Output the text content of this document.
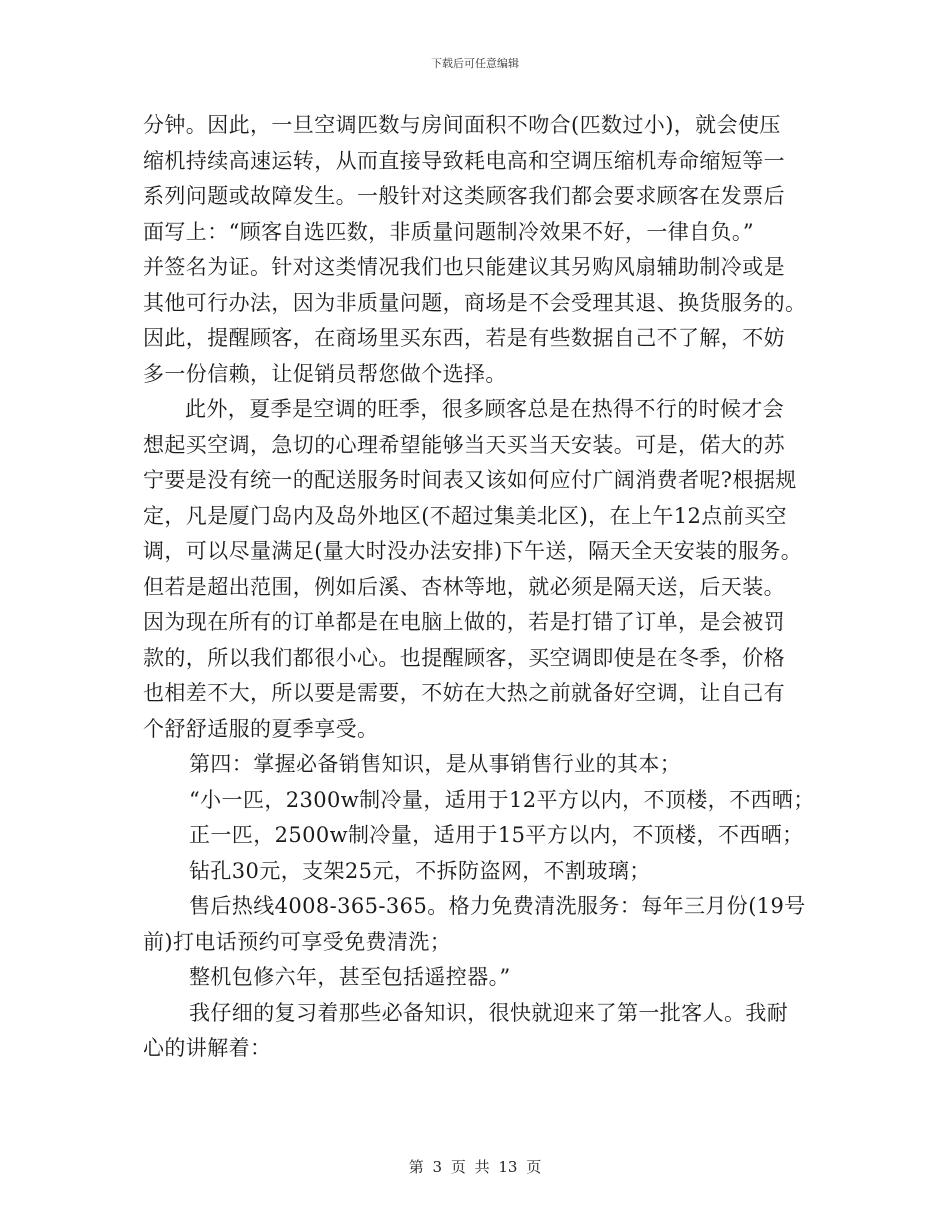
下载后可任意编辑
分钟。因此，一旦空调匹数与房间面积不吻合(匹数过小)，就会使压
缩机持续高速运转，从而直接导致耗电高和空调压缩机寿命缩短等一
系列问题或故障发生。一般针对这类顾客我们都会要求顾客在发票后
面写上：“顾客自选匹数，非质量问题制冷效果不好，一律自负。”
并签名为证。针对这类情况我们也只能建议其另购风扇辅助制冷或是
其他可行办法，因为非质量问题，商场是不会受理其退、换货服务的。
因此，提醒顾客，在商场里买东西，若是有些数据自己不了解，不妨
多一份信赖，让促销员帮您做个选择。
此外，夏季是空调的旺季，很多顾客总是在热得不行的时候才会
想起买空调，急切的心理希望能够当天买当天安装。可是，偌大的苏
宁要是没有统一的配送服务时间表又该如何应付广阔消费者呢?根据规
定，凡是厦门岛内及岛外地区(不超过集美北区)，在上午12点前买空
调，可以尽量满足(量大时没办法安排)下午送，隔天全天安装的服务。
但若是超出范围，例如后溪、杏林等地，就必须是隔天送，后天装。
因为现在所有的订单都是在电脑上做的，若是打错了订单，是会被罚
款的，所以我们都很小心。也提醒顾客，买空调即使是在冬季，价格
也相差不大，所以要是需要，不妨在大热之前就备好空调，让自己有
个舒舒适服的夏季享受。
第四：掌握必备销售知识，是从事销售行业的其本；
“小一匹，2300w制冷量，适用于12平方以内，不顶楼，不西晒；
正一匹，2500w制冷量，适用于15平方以内，不顶楼，不西晒；
钻孔30元，支架25元，不拆防盗网，不割玻璃；
售后热线4008-365-365。格力免费清洗服务：每年三月份(19号
前)打电话预约可享受免费清洗；
整机包修六年，甚至包括遥控器。”
我仔细的复习着那些必备知识，很快就迎来了第一批客人。我耐
心的讲解着：
第 3 页 共 13 页
